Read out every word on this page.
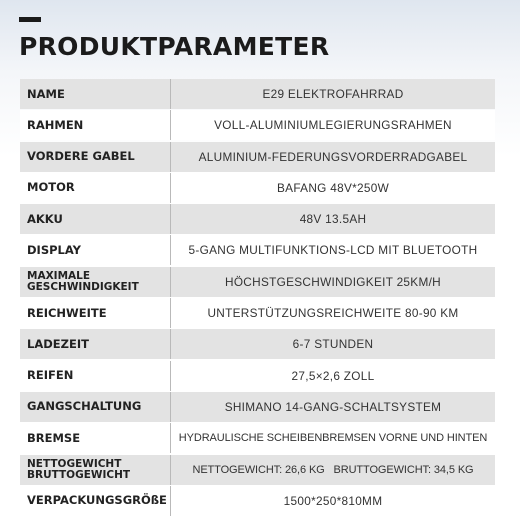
PRODUKTPARAMETER
NAME	E29 ELEKTROFAHRRAD
RAHMEN	VOLL-ALUMINIUMLEGIERUNGSRAHMEN
VORDERE GABEL	ALUMINIUM-FEDERUNGSVORDERRADGABEL
MOTOR	BAFANG 48V*250W
AKKU	48V 13.5AH
DISPLAY	5-GANG MULTIFUNKTIONS-LCD MIT BLUETOOTH
MAXIMALE
GESCHWINDIGKEIT	HÖCHSTGESCHWINDIGKEIT 25KM/H
REICHWEITE	UNTERSTÜTZUNGSREICHWEITE 80-90 KM
LADEZEIT	6-7 STUNDEN
REIFEN	27,5×2,6 ZOLL
GANGSCHALTUNG	SHIMANO 14-GANG-SCHALTSYSTEM
BREMSE	HYDRAULISCHE SCHEIBENBREMSEN VORNE UND HINTEN
NETTOGEWICHT
BRUTTOGEWICHT	NETTOGEWICHT: 26,6 KG   BRUTTOGEWICHT: 34,5 KG
VERPACKUNGSGRÖßE	1500*250*810MM
